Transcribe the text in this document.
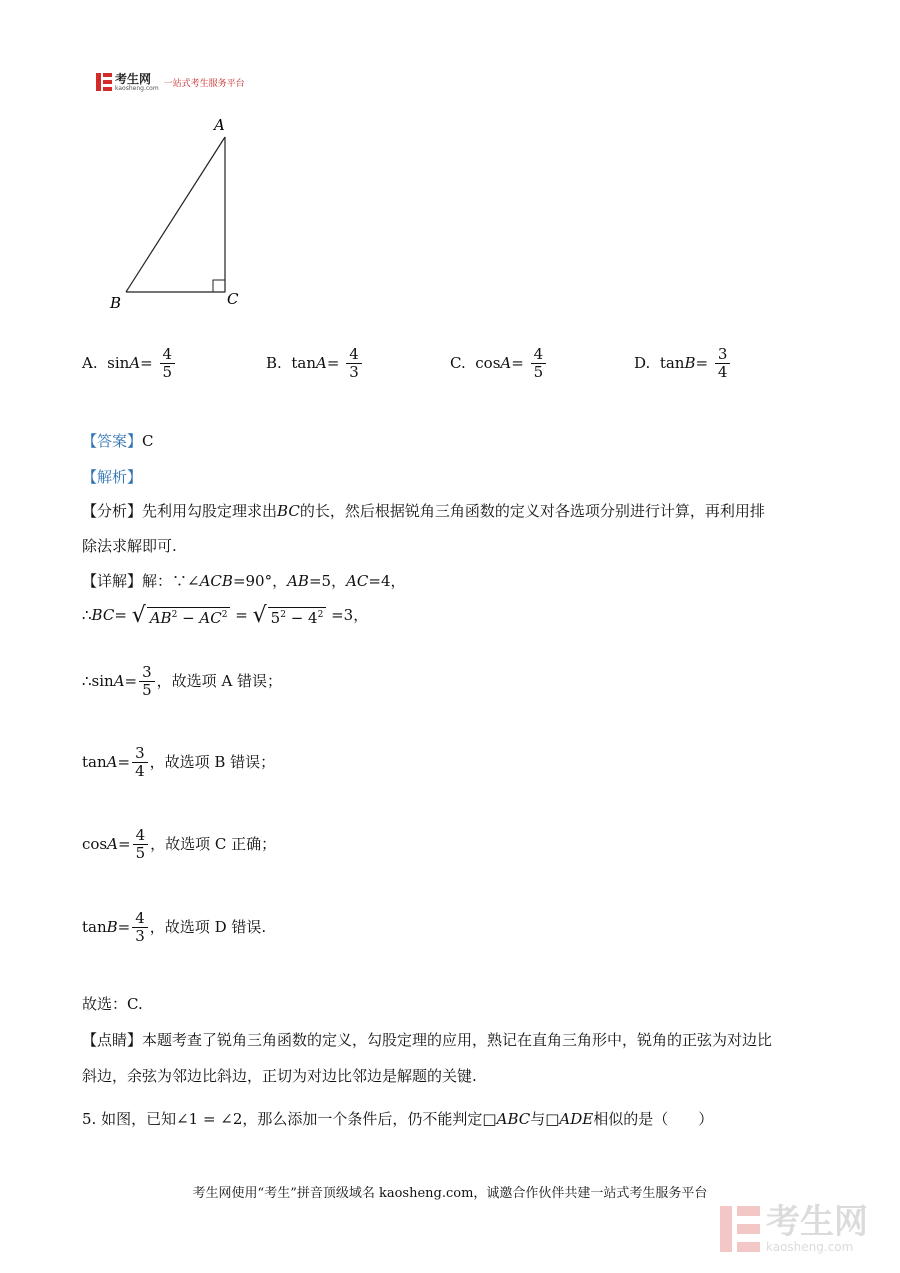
考生网
kaosheng.com 一站式考生服务平台
A
B	C
A. $\sin A= \frac{4}{5}$	B. $\tan A= \frac{4}{3}$	C. $\cos A= \frac{4}{5}$	D. $\tan B= \frac{3}{4}$
【答案】C
【解析】
【分析】先利用勾股定理求出BC的长，然后根据锐角三角函数的定义对各选项分别进行计算，再利用排
除法求解即可.
【详解】解：∵∠ACB=90°，AB=5，AC=4，
∴BC= √ $AB^2 - AC^2$ = √ $5^2 - 4^2 =3$，
∴sinA= $\frac{3}{5}$ ，故选项 A 错误；
$\tan A= \frac{3}{4}$ ，故选项 B 错误；
$\cos A= \frac{4}{5}$ ，故选项 C 正确；
$\tan B= \frac{4}{3}$ ，故选项 D 错误.
故选：C.
【点睛】本题考查了锐角三角函数的定义，勾股定理的应用，熟记在直角三角形中，锐角的正弦为对边比
斜边，余弦为邻边比斜边，正切为对边比邻边是解题的关键.
5. 如图，已知∠1 = ∠2，那么添加一个条件后，仍不能判定□ABC与□ADE相似的是（　　）
考生网使用“考生”拼音顶级域名 kaosheng.com，诚邀合作伙伴共建一站式考生服务平台
考生网
kaosheng.com
